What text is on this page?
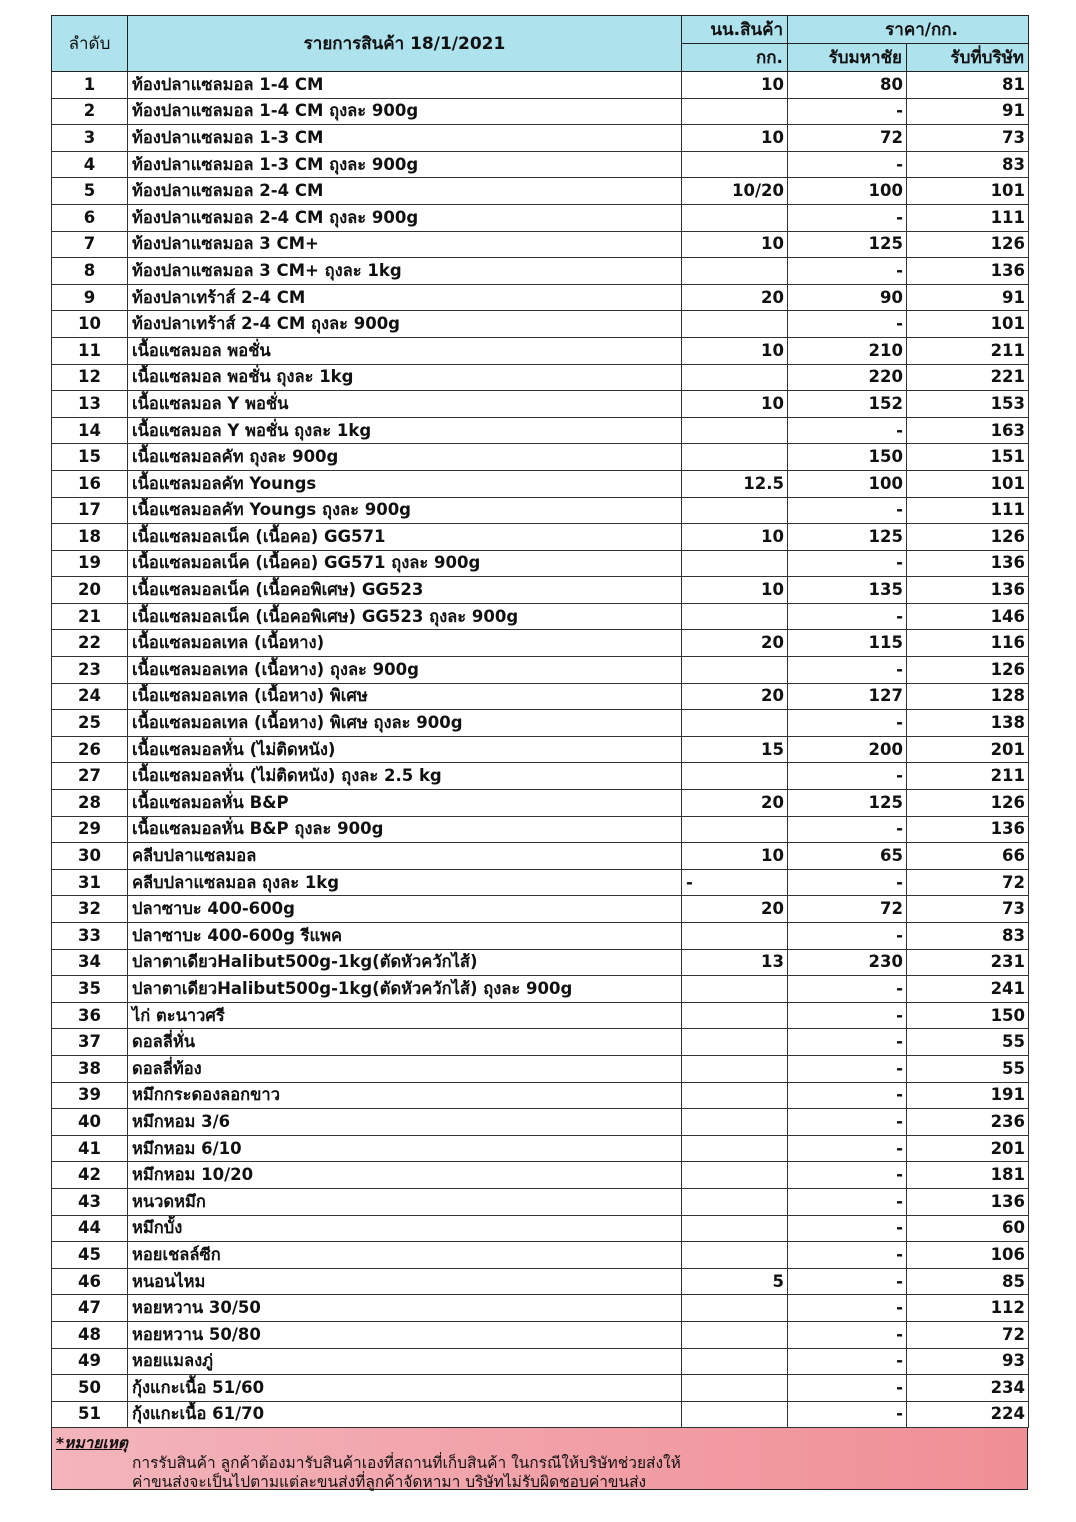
ลำดับ	รายการสินค้า 18/1/2021	นน.สินค้า	ราคา/กก.	
		กก.	รับมหาชัย	รับที่บริษัท
1	ท้องปลาแซลมอล 1-4 CM	10	80	81
2	ท้องปลาแซลมอล 1-4 CM ถุงละ 900g		-	91
3	ท้องปลาแซลมอล 1-3 CM	10	72	73
4	ท้องปลาแซลมอล 1-3 CM ถุงละ 900g		-	83
5	ท้องปลาแซลมอล 2-4 CM	10/20	100	101
6	ท้องปลาแซลมอล 2-4 CM ถุงละ 900g		-	111
7	ท้องปลาแซลมอล 3 CM+	10	125	126
8	ท้องปลาแซลมอล 3 CM+ ถุงละ 1kg		-	136
9	ท้องปลาเทร้าส์ 2-4 CM	20	90	91
10	ท้องปลาเทร้าส์ 2-4 CM ถุงละ 900g		-	101
11	เนื้อแซลมอล พอชั่น	10	210	211
12	เนื้อแซลมอล พอชั่น ถุงละ 1kg		220	221
13	เนื้อแซลมอล Y พอชั่น	10	152	153
14	เนื้อแซลมอล Y พอชั่น ถุงละ 1kg		-	163
15	เนื้อแซลมอลคัท ถุงละ 900g		150	151
16	เนื้อแซลมอลคัท Youngs	12.5	100	101
17	เนื้อแซลมอลคัท Youngs ถุงละ 900g		-	111
18	เนื้อแซลมอลเน็ค (เนื้อคอ) GG571	10	125	126
19	เนื้อแซลมอลเน็ค (เนื้อคอ) GG571 ถุงละ 900g		-	136
20	เนื้อแซลมอลเน็ค (เนื้อคอพิเศษ) GG523	10	135	136
21	เนื้อแซลมอลเน็ค (เนื้อคอพิเศษ) GG523 ถุงละ 900g		-	146
22	เนื้อแซลมอลเทล (เนื้อหาง)	20	115	116
23	เนื้อแซลมอลเทล (เนื้อหาง) ถุงละ 900g		-	126
24	เนื้อแซลมอลเทล (เนื้อหาง) พิเศษ	20	127	128
25	เนื้อแซลมอลเทล (เนื้อหาง) พิเศษ ถุงละ 900g		-	138
26	เนื้อแซลมอลหั่น (ไม่ติดหนัง)	15	200	201
27	เนื้อแซลมอลหั่น (ไม่ติดหนัง) ถุงละ 2.5 kg		-	211
28	เนื้อแซลมอลหั่น B&P	20	125	126
29	เนื้อแซลมอลหั่น B&P ถุงละ 900g		-	136
30	คลีบปลาแซลมอล	10	65	66
31	คลีบปลาแซลมอล ถุงละ 1kg	-	-	72
32	ปลาซาบะ 400-600g	20	72	73
33	ปลาซาบะ 400-600g รีแพค		-	83
34	ปลาตาเดียวHalibut500g-1kg(ตัดหัวควักไส้)	13	230	231
35	ปลาตาเดียวHalibut500g-1kg(ตัดหัวควักไส้) ถุงละ 900g		-	241
36	ไก่ ตะนาวศรี		-	150
37	ดอลลี่หั่น		-	55
38	ดอลลี่ท้อง		-	55
39	หมึกกระดองลอกขาว		-	191
40	หมึกหอม 3/6		-	236
41	หมึกหอม 6/10		-	201
42	หมึกหอม 10/20		-	181
43	หนวดหมึก		-	136
44	หมึกบั้ง		-	60
45	หอยเชลล์ซีก		-	106
46	หนอนไหม	5	-	85
47	หอยหวาน 30/50		-	112
48	หอยหวาน 50/80		-	72
49	หอยแมลงภู่		-	93
50	กุ้งแกะเนื้อ 51/60		-	234
51	กุ้งแกะเนื้อ 61/70		-	224
*หมายเหตุ
การรับสินค้า ลูกค้าต้องมารับสินค้าเองที่สถานที่เก็บสินค้า ในกรณีให้บริษัทช่วยส่งให้
ค่าขนส่งจะเป็นไปตามแต่ละขนส่งที่ลูกค้าจัดหามา บริษัทไม่รับผิดชอบค่าขนส่ง
